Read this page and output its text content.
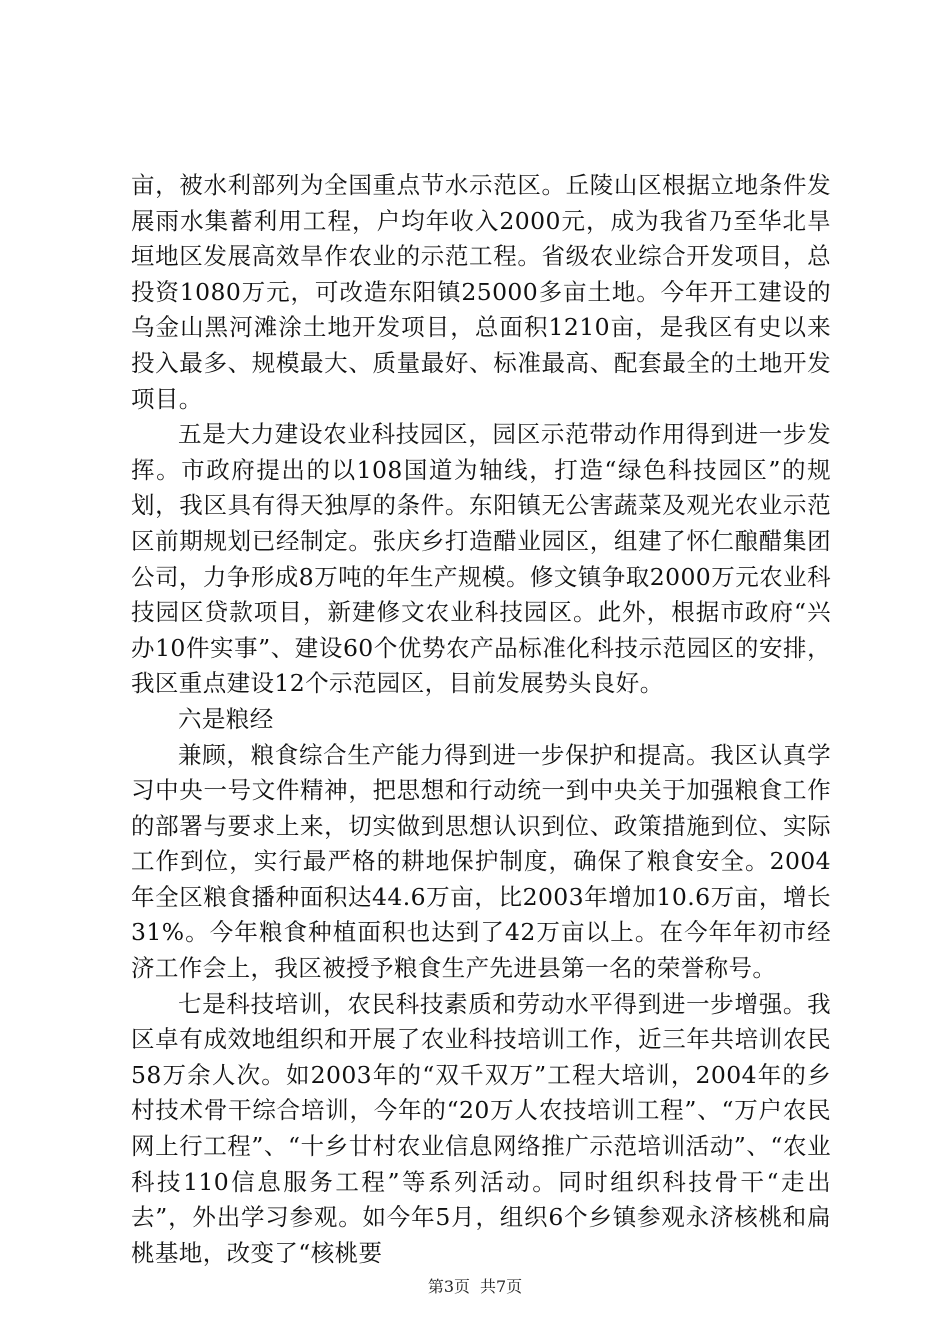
亩，被水利部列为全国重点节水示范区。丘陵山区根据立地条件发展雨水集蓄利用工程，户均年收入2000元，成为我省乃至华北旱垣地区发展高效旱作农业的示范工程。省级农业综合开发项目，总投资1080万元，可改造东阳镇25000多亩土地。今年开工建设的乌金山黑河滩涂土地开发项目，总面积1210亩，是我区有史以来投入最多、规模最大、质量最好、标准最高、配套最全的土地开发项目。

五是大力建设农业科技园区，园区示范带动作用得到进一步发挥。市政府提出的以108国道为轴线，打造“绿色科技园区”的规划，我区具有得天独厚的条件。东阳镇无公害蔬菜及观光农业示范区前期规划已经制定。张庆乡打造醋业园区，组建了怀仁酿醋集团公司，力争形成8万吨的年生产规模。修文镇争取2000万元农业科技园区贷款项目，新建修文农业科技园区。此外，根据市政府“兴办10件实事”、建设60个优势农产品标准化科技示范园区的安排，我区重点建设12个示范园区，目前发展势头良好。

六是粮经

兼顾，粮食综合生产能力得到进一步保护和提高。我区认真学习中央一号文件精神，把思想和行动统一到中央关于加强粮食工作的部署与要求上来，切实做到思想认识到位、政策措施到位、实际工作到位，实行最严格的耕地保护制度，确保了粮食安全。2004年全区粮食播种面积达44.6万亩，比2003年增加10.6万亩，增长31%。今年粮食种植面积也达到了42万亩以上。在今年年初市经济工作会上，我区被授予粮食生产先进县第一名的荣誉称号。

七是科技培训，农民科技素质和劳动水平得到进一步增强。我区卓有成效地组织和开展了农业科技培训工作，近三年共培训农民58万余人次。如2003年的“双千双万”工程大培训，2004年的乡村技术骨干综合培训，今年的“20万人农技培训工程”、“万户农民网上行工程”、“十乡廿村农业信息网络推广示范培训活动”、“农业科技110信息服务工程”等系列活动。同时组织科技骨干“走出去”，外出学习参观。如今年5月，组织6个乡镇参观永济核桃和扁桃基地，改变了“核桃要

第3页 共7页
